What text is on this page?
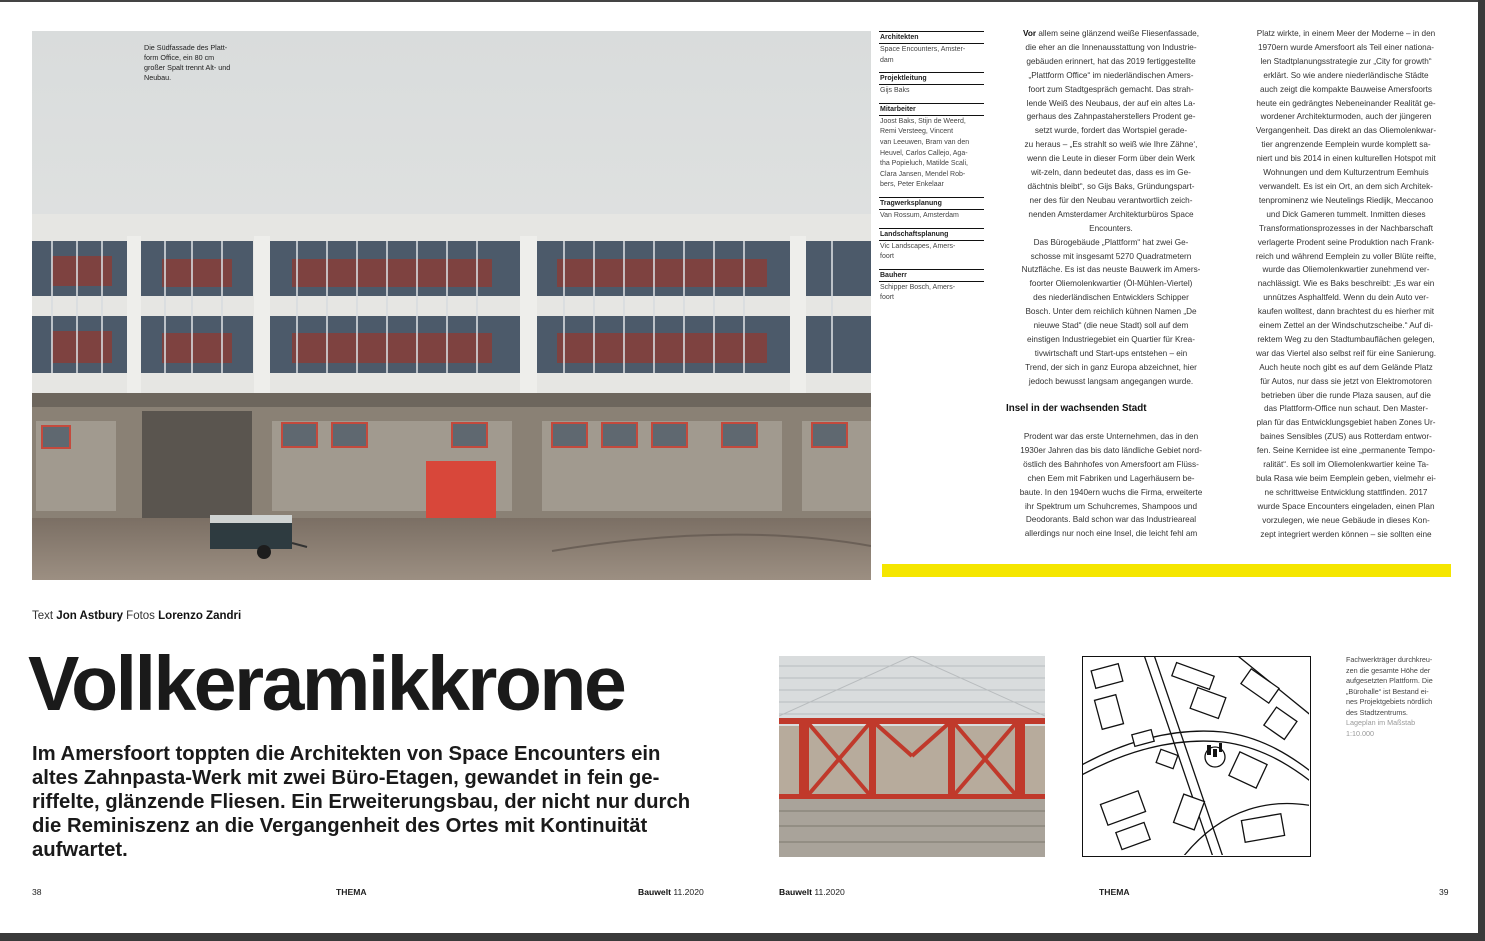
Die Südfassade des Platt-
form Office, ein 80 cm
großer Spalt trennt Alt- und
Neubau.
Architekten
Space Encounters, Amster-
dam
Projektleitung
Gijs Baks
Mitarbeiter
Joost Baks, Stijn de Weerd,
Remi Versteeg, Vincent
van Leeuwen, Bram van den
Heuvel, Carlos Callejo, Aga-
tha Popieluch, Matilde Scali,
Clara Jansen, Mendel Rob-
bers, Peter Enkelaar
Tragwerksplanung
Van Rossum, Amsterdam
Landschaftsplanung
Vic Landscapes, Amers-
foort
Bauherr
Schipper Bosch, Amers-
foort
Vor allem seine glänzend weiße Fliesenfassade,
die eher an die Innenausstattung von Industrie-
gebäuden erinnert, hat das 2019 fertiggestellte
„Plattform Office“ im niederländischen Amers-
foort zum Stadtgespräch gemacht. Das strah-
lende Weiß des Neubaus, der auf ein altes La-
gerhaus des Zahnpastaherstellers Prodent ge-
setzt wurde, fordert das Wortspiel gerade-
zu heraus – „Es strahlt so weiß wie Ihre Zähne‘,
wenn die Leute in dieser Form über dein Werk
wit-zeln, dann bedeutet das, dass es im Ge-
dächtnis bleibt“, so Gijs Baks, Gründungspart-
ner des für den Neubau verantwortlich zeich-
nenden Amsterdamer Architekturbüros Space
Encounters.
Das Bürogebäude „Plattform“ hat zwei Ge-
schosse mit insgesamt 5270 Quadratmetern
Nutzfläche. Es ist das neuste Bauwerk im Amers-
foorter Oliemolenkwartier (Öl-Mühlen-Viertel)
des niederländischen Entwicklers Schipper
Bosch. Unter dem reichlich kühnen Namen „De
nieuwe Stad“ (die neue Stadt) soll auf dem
einstigen Industriegebiet ein Quartier für Krea-
tivwirtschaft und Start-ups entstehen – ein
Trend, der sich in ganz Europa abzeichnet, hier
jedoch bewusst langsam angegangen wurde.
Insel in der wachsenden Stadt
Prodent war das erste Unternehmen, das in den
1930er Jahren das bis dato ländliche Gebiet nord-
östlich des Bahnhofes von Amersfoort am Flüss-
chen Eem mit Fabriken und Lagerhäusern be-
baute. In den 1940ern wuchs die Firma, erweiterte
ihr Spektrum um Schuhcremes, Shampoos und
Deodorants. Bald schon war das Industrieareal
allerdings nur noch eine Insel, die leicht fehl am
Platz wirkte, in einem Meer der Moderne – in den
1970ern wurde Amersfoort als Teil einer nationa-
len Stadtplanungsstrategie zur „City for growth“
erklärt. So wie andere niederländische Städte
auch zeigt die kompakte Bauweise Amersfoorts
heute ein gedrängtes Nebeneinander Realität ge-
wordener Architekturmoden, auch der jüngeren
Vergangenheit. Das direkt an das Oliemolenkwar-
tier angrenzende Eemplein wurde komplett sa-
niert und bis 2014 in einen kulturellen Hotspot mit
Wohnungen und dem Kulturzentrum Eemhuis
verwandelt. Es ist ein Ort, an dem sich Architek-
tenprominenz wie Neutelings Riedijk, Meccanoo
und Dick Gameren tummelt. Inmitten dieses
Transformationsprozesses in der Nachbarschaft
verlagerte Prodent seine Produktion nach Frank-
reich und während Eemplein zu voller Blüte reifte,
wurde das Oliemolenkwartier zunehmend ver-
nachlässigt. Wie es Baks beschreibt: „Es war ein
unnützes Asphaltfeld. Wenn du dein Auto ver-
kaufen wolltest, dann brachtest du es hierher mit
einem Zettel an der Windschutzscheibe.“ Auf di-
rektem Weg zu den Stadtumbauflächen gelegen,
war das Viertel also selbst reif für eine Sanierung.
Auch heute noch gibt es auf dem Gelände Platz
für Autos, nur dass sie jetzt von Elektromotoren
betrieben über die runde Plaza sausen, auf die
das Plattform-Office nun schaut. Den Master-
plan für das Entwicklungsgebiet haben Zones Ur-
baines Sensibles (ZUS) aus Rotterdam entwor-
fen. Seine Kernidee ist eine „permanente Tempo-
ralität“. Es soll im Oliemolenkwartier keine Ta-
bula Rasa wie beim Eemplein geben, vielmehr ei-
ne schrittweise Entwicklung stattfinden. 2017
wurde Space Encounters eingeladen, einen Plan
vorzulegen, wie neue Gebäude in dieses Kon-
zept integriert werden können – sie sollten eine
Text Jon Astbury Fotos Lorenzo Zandri
Vollkeramikkrone
Im Amersfoort toppten die Architekten von Space Encounters ein
altes Zahnpasta-Werk mit zwei Büro-Etagen, gewandet in fein ge-
riffelte, glänzende Fliesen. Ein Erweiterungsbau, der nicht nur durch
die Reminiszenz an die Vergangenheit des Ortes mit Kontinuität
aufwartet.
Fachwerkträger durchkreu-
zen die gesamte Höhe der
aufgesetzten Plattform. Die
„Bürohalle“ ist Bestand ei-
nes Projektgebiets nördlich
des Stadtzentrums.
Lageplan im Maßstab
1:10.000
38	THEMA	Bauwelt 11.2020	Bauwelt 11.2020	THEMA	39
